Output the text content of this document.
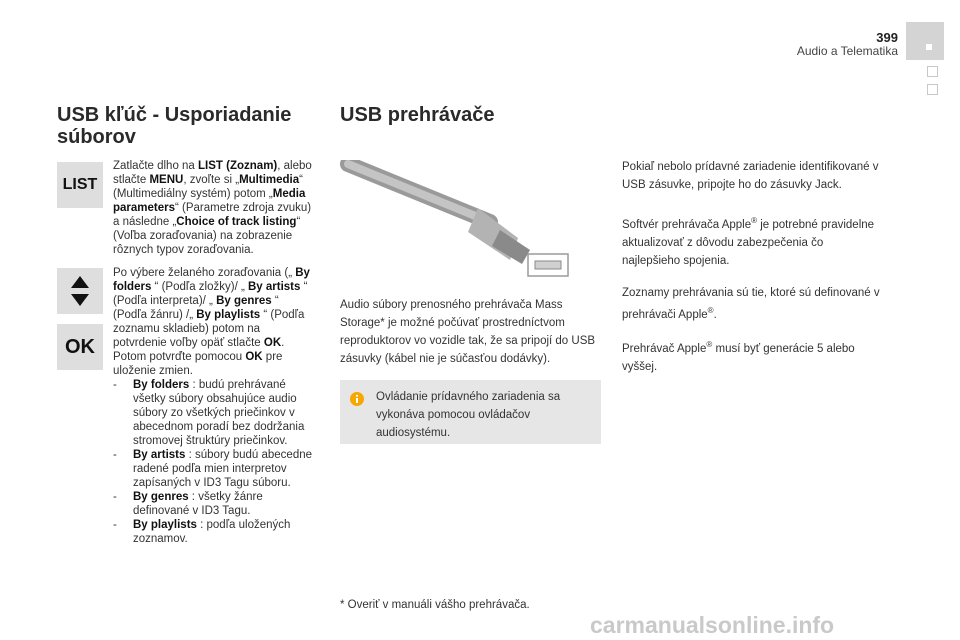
399
Audio a Telematika
USB kľúč - Usporiadanie súborov
LIST
Zatlačte dlho na LIST (Zoznam), alebo stlačte MENU, zvoľte si „Multimedia“ (Multimediálny systém) potom „Media parameters“ (Parametre zdroja zvuku) a následne „Choice of track listing“ (Voľba zoraďovania) na zobrazenie rôznych typov zoraďovania.
OK
Po výbere želaného zoraďovania („ By folders “ (Podľa zložky)/ „ By artists “ (Podľa interpreta)/ „ By genres “ (Podľa žánru) /„ By playlists “ (Podľa zoznamu skladieb) potom na potvrdenie voľby opäť stlačte OK.
Potom potvrďte pomocou OK pre uloženie zmien.
-	By folders : budú prehrávané všetky súbory obsahujúce audio súbory zo všetkých priečinkov v abecednom poradí bez dodržania stromovej štruktúry priečinkov.
-	By artists : súbory budú abecedne radené podľa mien interpretov zapísaných v ID3 Tagu súboru.
-	By genres : všetky žánre definované v ID3 Tagu.
-	By playlists : podľa uložených zoznamov.
USB prehrávače
Audio súbory prenosného prehrávača Mass Storage* je možné počúvať prostredníctvom reproduktorov vo vozidle tak, že sa pripojí do USB zásuvky (kábel nie je súčasťou dodávky).
Ovládanie prídavného zariadenia sa vykonáva pomocou ovládačov audiosystému.
* Overiť v manuáli vášho prehrávača.
Pokiaľ nebolo prídavné zariadenie identifikované v USB zásuvke, pripojte ho do zásuvky Jack.
Softvér prehrávača Apple® je potrebné pravidelne aktualizovať z dôvodu zabezpečenia čo najlepšieho spojenia.
Zoznamy prehrávania sú tie, ktoré sú definované v prehrávači Apple®.
Prehrávač Apple® musí byť generácie 5 alebo vyššej.
carmanualsonline.info
